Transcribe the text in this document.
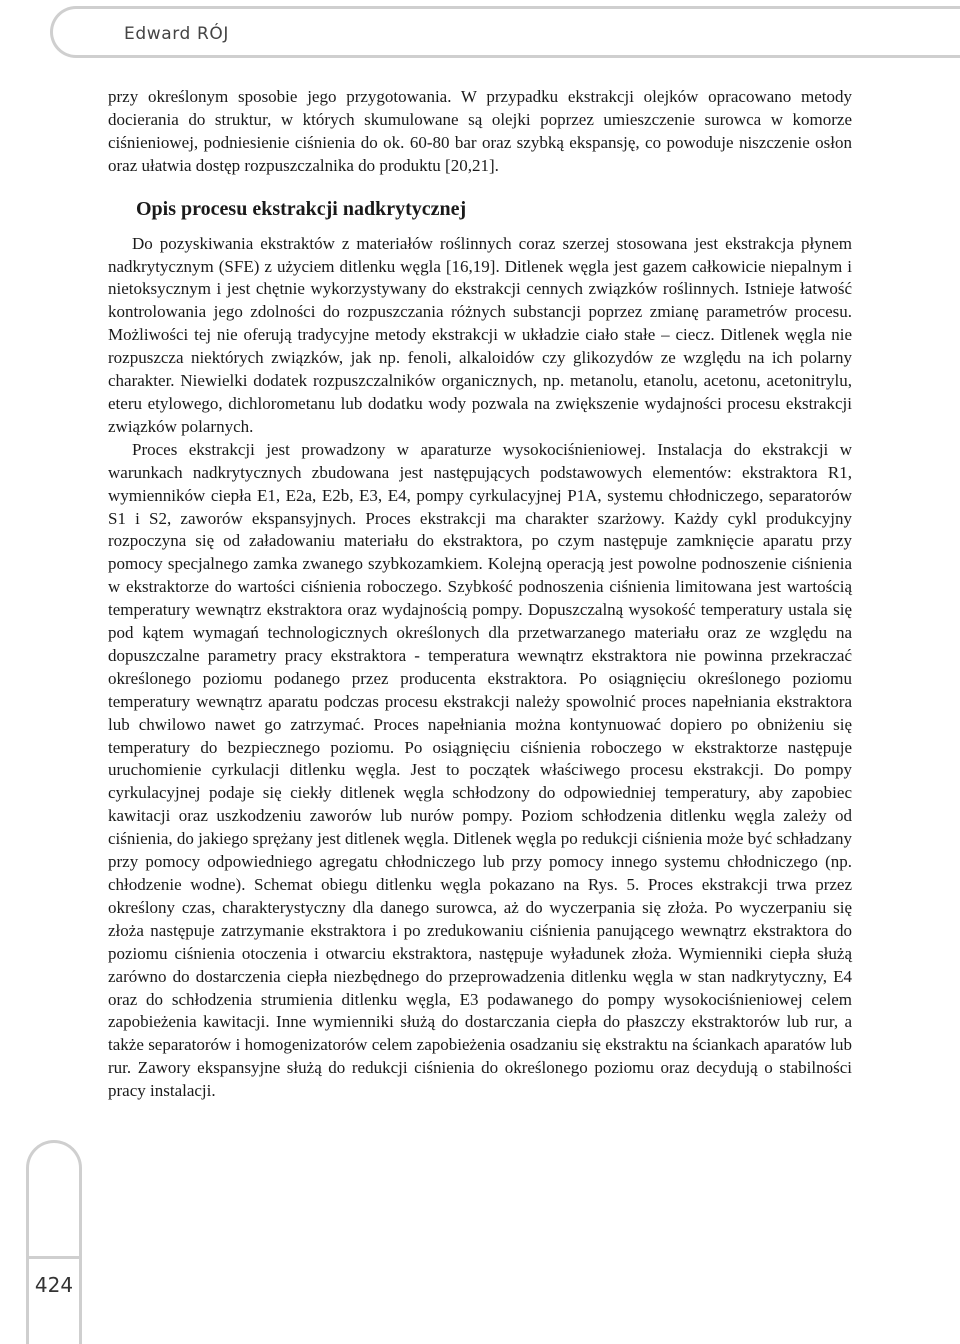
Edward RÓJ

przy określonym sposobie jego przygotowania. W przypadku ekstrakcji olejków opracowano metody docierania do struktur, w których skumulowane są olejki poprzez umieszczenie surowca w komorze ciśnieniowej, podniesienie ciśnienia do ok. 60-80 bar oraz szybką ekspansję, co powoduje niszczenie osłon oraz ułatwia dostęp rozpuszczalnika do produktu [20,21].

Opis procesu ekstrakcji nadkrytycznej

Do pozyskiwania ekstraktów z materiałów roślinnych coraz szerzej stosowana jest ekstrakcja płynem nadkrytycznym (SFE) z użyciem ditlenku węgla [16,19]. Ditlenek węgla jest gazem całkowicie niepalnym i nietoksycznym i jest chętnie wykorzystywany do ekstrakcji cennych związków roślinnych. Istnieje łatwość kontrolowania jego zdolności do rozpuszczania różnych substancji poprzez zmianę parametrów procesu. Możliwości tej nie oferują tradycyjne metody ekstrakcji w układzie ciało stałe – ciecz. Ditlenek węgla nie rozpuszcza niektórych związków, jak np. fenoli, alkaloidów czy glikozydów ze względu na ich polarny charakter. Niewielki dodatek rozpuszczalników organicznych, np. metanolu, etanolu, acetonu, acetonitrylu, eteru etylowego, dichlorometanu lub dodatku wody pozwala na zwiększenie wydajności procesu ekstrakcji związków polarnych.

Proces ekstrakcji jest prowadzony w aparaturze wysokociśnieniowej. Instalacja do ekstrakcji w warunkach nadkrytycznych zbudowana jest następujących podstawowych elementów: ekstraktora R1, wymienników ciepła E1, E2a, E2b, E3, E4, pompy cyrkulacyjnej P1A, systemu chłodniczego, separatorów S1 i S2, zaworów ekspansyjnych. Proces ekstrakcji ma charakter szarżowy. Każdy cykl produkcyjny rozpoczyna się od załadowaniu materiału do ekstraktora, po czym następuje zamknięcie aparatu przy pomocy specjalnego zamka zwanego szybkozamkiem. Kolejną operacją jest powolne podnoszenie ciśnienia w ekstraktorze do wartości ciśnienia roboczego. Szybkość podnoszenia ciśnienia limitowana jest wartością temperatury wewnątrz ekstraktora oraz wydajnością pompy. Dopuszczalną wysokość temperatury ustala się pod kątem wymagań technologicznych określonych dla przetwarzanego materiału oraz ze względu na dopuszczalne parametry pracy ekstraktora - temperatura wewnątrz ekstraktora nie powinna przekraczać określonego poziomu podanego przez producenta ekstraktora. Po osiągnięciu określonego poziomu temperatury wewnątrz aparatu podczas procesu ekstrakcji należy spowolnić proces napełniania ekstraktora lub chwilowo nawet go zatrzymać. Proces napełniania można kontynuować dopiero po obniżeniu się temperatury do bezpiecznego poziomu. Po osiągnięciu ciśnienia roboczego w ekstraktorze następuje uruchomienie cyrkulacji ditlenku węgla. Jest to początek właściwego procesu ekstrakcji. Do pompy cyrkulacyjnej podaje się ciekły ditlenek węgla schłodzony do odpowiedniej temperatury, aby zapobiec kawitacji oraz uszkodzeniu zaworów lub nurów pompy. Poziom schłodzenia ditlenku węgla zależy od ciśnienia, do jakiego sprężany jest ditlenek węgla. Ditlenek węgla po redukcji ciśnienia może być schładzany przy pomocy odpowiedniego agregatu chłodniczego lub przy pomocy innego systemu chłodniczego (np. chłodzenie wodne). Schemat obiegu ditlenku węgla pokazano na Rys. 5. Proces ekstrakcji trwa przez określony czas, charakterystyczny dla danego surowca, aż do wyczerpania się złoża. Po wyczerpaniu się złoża następuje zatrzymanie ekstraktora i po zredukowaniu ciśnienia panującego wewnątrz ekstraktora do poziomu ciśnienia otoczenia i otwarciu ekstraktora, następuje wyładunek złoża. Wymienniki ciepła służą zarówno do dostarczenia ciepła niezbędnego do przeprowadzenia ditlenku węgla w stan nadkrytyczny, E4 oraz do schłodzenia strumienia ditlenku węgla, E3 podawanego do pompy wysokociśnieniowej celem zapobieżenia kawitacji. Inne wymienniki służą do dostarczania ciepła do płaszczy ekstraktorów lub rur, a także separatorów i homogenizatorów celem zapobieżenia osadzaniu się ekstraktu na ściankach aparatów lub rur. Zawory ekspansyjne służą do redukcji ciśnienia do określonego poziomu oraz decydują o stabilności pracy instalacji.

424
